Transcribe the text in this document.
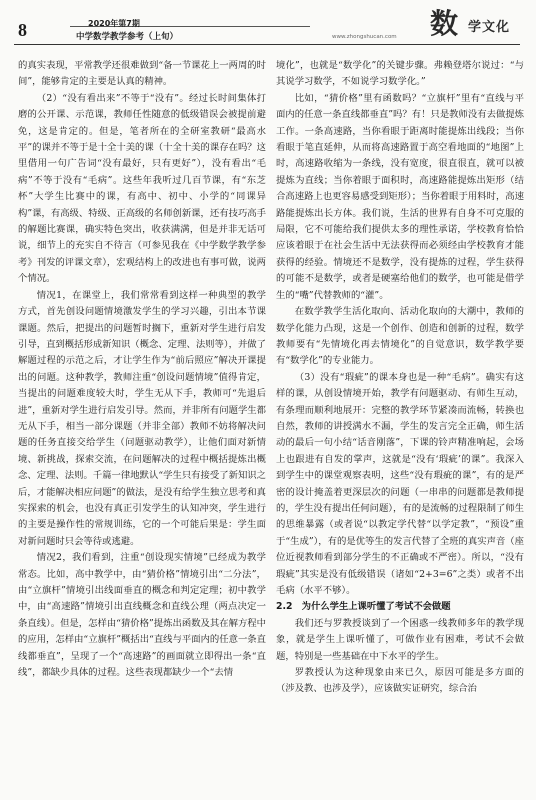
8	2020年第7期
中学数学教学参考（上旬）	www.zhongshucan.com 数 学文化

的真实表现，平常教学还很难做到“备一节课花上一两周的时间”，能够肯定的主要是认真的精神。

（2）“没有看出来”不等于“没有”。经过长时间集体打磨的公开课、示范课，教师任性随意的低级错误会被提前避免，这是肯定的。但是，笔者所在的全研室教研“最高水平”的课并不等于是十全十美的课（十全十美的课存在吗？这里借用一句广告词“没有最好，只有更好”），没有看出“毛病”不等于没有“毛病”。这些年我听过几百节课，有“东芝杯”大学生比赛中的课，有高中、初中、小学的“同课异构”课，有高级、特级、正高级的名师创新课，还有技巧高手的解题比赛课，确实特色突出，收获满满，但是并非无话可说，细节上的充实自不待言（可参见我在《中学数学教学参考》刊发的评课文章），宏观结构上的改进也有事可做，说两个情况。

情况1，在课堂上，我们常常看到这样一种典型的教学方式，首先创设问题情境激发学生的学习兴趣，引出本节课课题。然后，把提出的问题暂时搁下，重新对学生进行启发引导，直到概括形成新知识（概念、定理、法则等），并做了解题过程的示范之后，才让学生作为“前后照应”解决开课提出的问题。这种教学，教师注重“创设问题情境”值得肯定，当提出的问题难度较大时，学生无从下手，教师可“先退后进”，重新对学生进行启发引导。然而，并非所有问题学生都无从下手，相当一部分课题（并非全部）教师不妨将解决问题的任务直接交给学生（问题驱动教学），让他们面对新情境、新挑战，探索交流，在问题解决的过程中概括提炼出概念、定理、法则。千篇一律地默认“学生只有接受了新知识之后，才能解决相应问题”的做法，是没有给学生独立思考和真实探索的机会，也没有真正引发学生的认知冲突，学生进行的主要是操作性的常规训练，它的一个可能后果是：学生面对新问题时只会等待或逃避。

情况2，我们看到，注重“创设现实情境”已经成为教学常态。比如，高中教学中，由“猜价格”情境引出“二分法”，由“立旗杆”情境引出线面垂直的概念和判定定理；初中教学中，由“高速路”情境引出直线概念和直线公理（两点决定一条直线）。但是，怎样由“猜价格”提炼出函数及其在解方程中的应用，怎样由“立旗杆”概括出“直线与平面内的任意一条直线都垂直”，呈现了一个“高速路”的画面就立即得出一条“直线”，都缺少具体的过程。这些表现都缺少一个“去情

境化”，也就是“数学化”的关键步骤。弗赖登塔尔说过：“与其说学习数学，不如说学习数学化。”

比如，“猜价格”里有函数吗？“立旗杆”里有“直线与平面内的任意一条直线都垂直”吗？有！只是教师没有去做提炼工作。一条高速路，当你看眼于距离时能提炼出线段；当你看眼于笔直延伸，从而将高速路置于高空看地面的“地图”上时，高速路收缩为一条线，没有宽度，很直很直，就可以被提炼为直线；当你着眼于面积时，高速路能提炼出矩形（结合高速路上也更容易感受到矩形）；当你着眼于用料时，高速路能提炼出长方体。我们说，生活的世界有自身不可克服的局限，它不可能给我们提供太多的理性承诺，学校教育恰恰应该着眼于在社会生活中无法获得而必须经由学校教育才能获得的经验。情境还不是数学，没有提炼的过程，学生获得的可能不是数学，或者是硬塞给他们的数学，也可能是借学生的“嘴”代替教师的“灌”。

在数学教学生活化取向、活动化取向的大潮中，教师的数学化能力凸现，这是一个创作、创造和创新的过程，数学教师要有“先情境化再去情境化”的自觉意识，数学教学要有“数学化”的专业能力。

（3）没有“瑕疵”的课本身也是一种“毛病”。确实有这样的课，从创设情境开始，教学有问题驱动、有师生互动，有条理而顺利地展开：完整的教学环节紧凑而流畅，转换也自然，教师的讲授满水不漏，学生的发言完全正确，师生活动的最后一句小结“话音刚落”，下课的铃声精准响起，会场上也跟进有自发的掌声，这就是“没有‘瑕疵’的课”。我深入到学生中的课堂观察表明，这些“没有瑕疵的课”，有的是严密的设计掩盖着更深层次的问题（一串串的问题都是教师提的，学生没有提出任何问题），有的是流畅的过程限制了师生的思维暴露（或者说“以教定学代替“以学定教”，“预设”重于“生成”），有的是优等生的发言代替了全班的真实声音（座位近视教师看到部分学生的不正确或不严密）。所以，“没有瑕疵”其实是没有低级错误（诸如“2+3=6”之类）或者不出毛病（水平不够）。

2.2　为什么学生上课听懂了考试不会做题

我们还与罗教授谈到了一个困惑一线教师多年的教学现象，就是学生上课听懂了，可做作业有困难，考试不会做题，特别是一些基础在中下水平的学生。

罗教授认为这种现象由来已久，原因可能是多方面的（涉及教、也涉及学），应该做实证研究，综合治
